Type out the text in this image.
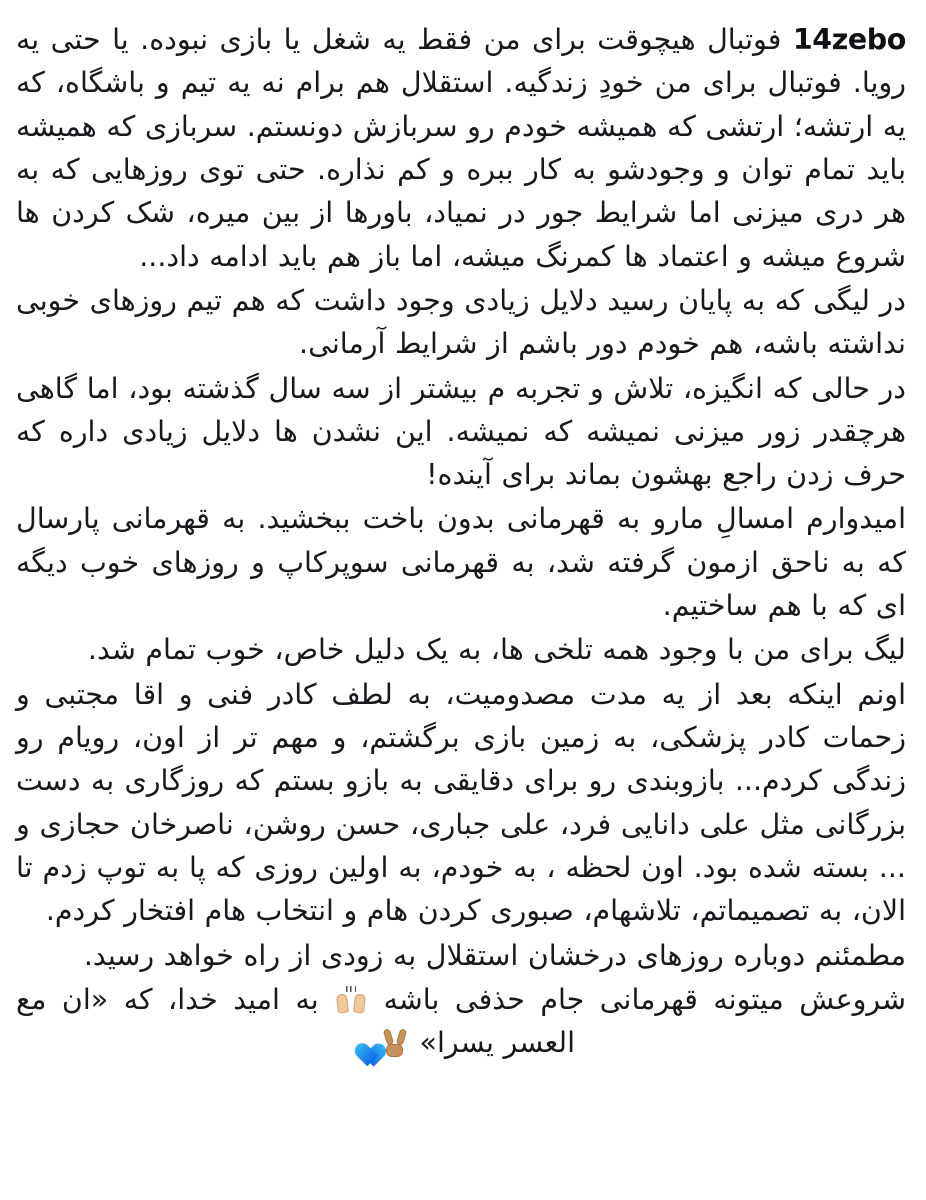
14zebo فوتبال هیچوقت برای من فقط یه شغل یا بازی نبوده. یا حتی یه رویا. فوتبال برای من خودِ زندگیه. استقلال هم برام نه یه تیم و باشگاه، که یه ارتشه؛ ارتشی که همیشه خودم رو سربازش دونستم. سربازی که همیشه باید تمام توان و وجودشو به کار ببره و کم نذاره. حتی توی روزهایی که به هر دری میزنی اما شرایط جور در نمیاد، باورها از بین میره، شک کردن ها شروع میشه و اعتماد ها کمرنگ میشه، اما باز هم باید ادامه داد...

در لیگی که به پایان رسید دلایل زیادی وجود داشت که هم تیم روزهای خوبی نداشته باشه، هم خودم دور باشم از شرایط آرمانی.

در حالی که انگیزه، تلاش و تجربه م بیشتر از سه سال گذشته بود، اما گاهی هرچقدر زور میزنی نمیشه که نمیشه. این نشدن ها دلایل زیادی داره که حرف زدن راجع بهشون بماند برای آینده!

امیدوارم امسالِ مارو به قهرمانی بدون باخت ببخشید. به قهرمانی پارسال که به ناحق ازمون گرفته شد، به قهرمانی سوپرکاپ و روزهای خوب دیگه ای که با هم ساختیم.

لیگ برای من با وجود همه تلخی ها، به یک دلیل خاص، خوب تمام شد.

اونم اینکه بعد از یه مدت مصدومیت، به لطف کادر فنی و اقا مجتبی و زحمات کادر پزشکی، به زمین بازی برگشتم، و مهم تر از اون، رویام رو زندگی کردم... بازوبندی رو برای دقایقی به بازو بستم که روزگاری به دست بزرگانی مثل علی دانایی فرد، علی جباری، حسن روشن، ناصرخان حجازی و ... بسته شده بود. اون لحظه ، به خودم، به اولین روزی که پا به توپ زدم تا الان، به تصمیماتم، تلاشهام، صبوری کردن هام و انتخاب هام افتخار کردم.

مطمئنم دوباره روزهای درخشان استقلال به زودی از راه خواهد رسید.

شروعش میتونه قهرمانی جام حذفی باشه
به امید خدا، که «ان مع العسر یسرا»
